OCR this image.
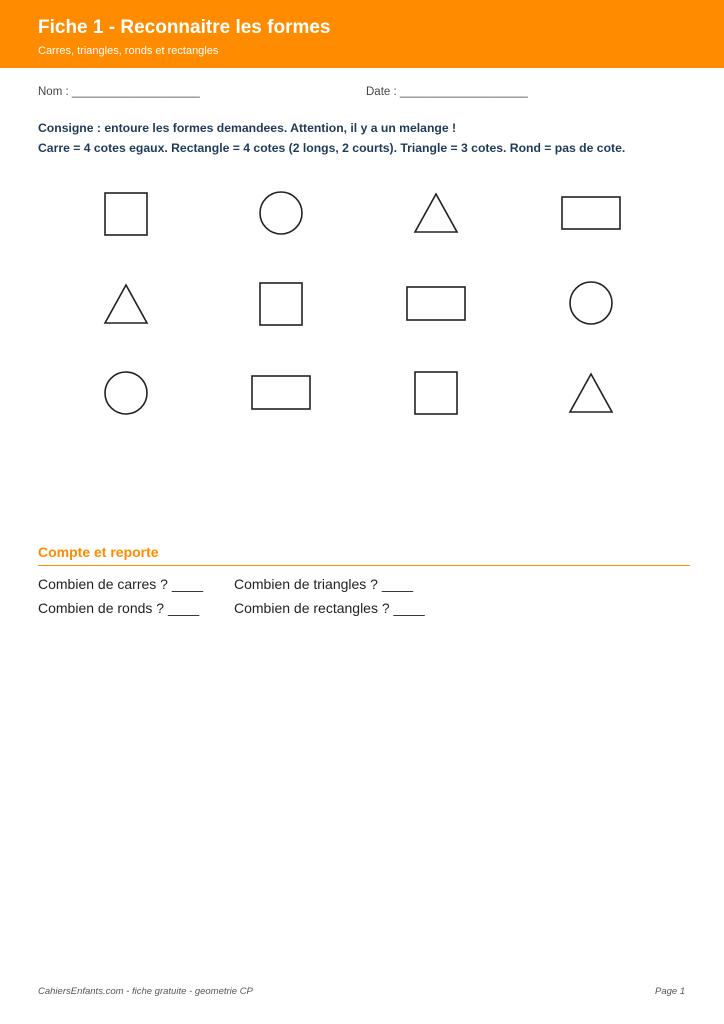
Fiche 1 - Reconnaitre les formes
Carres, triangles, ronds et rectangles
Nom : ____________________	Date : ____________________
Consigne : entoure les formes demandees. Attention, il y a un melange !
Carre = 4 cotes egaux. Rectangle = 4 cotes (2 longs, 2 courts). Triangle = 3 cotes. Rond = pas de cote.
Compte et reporte
Combien de carres ? ____ Combien de triangles ? ____
Combien de ronds ? ____ Combien de rectangles ? ____
CahiersEnfants.com - fiche gratuite - geometrie CP	Page 1
